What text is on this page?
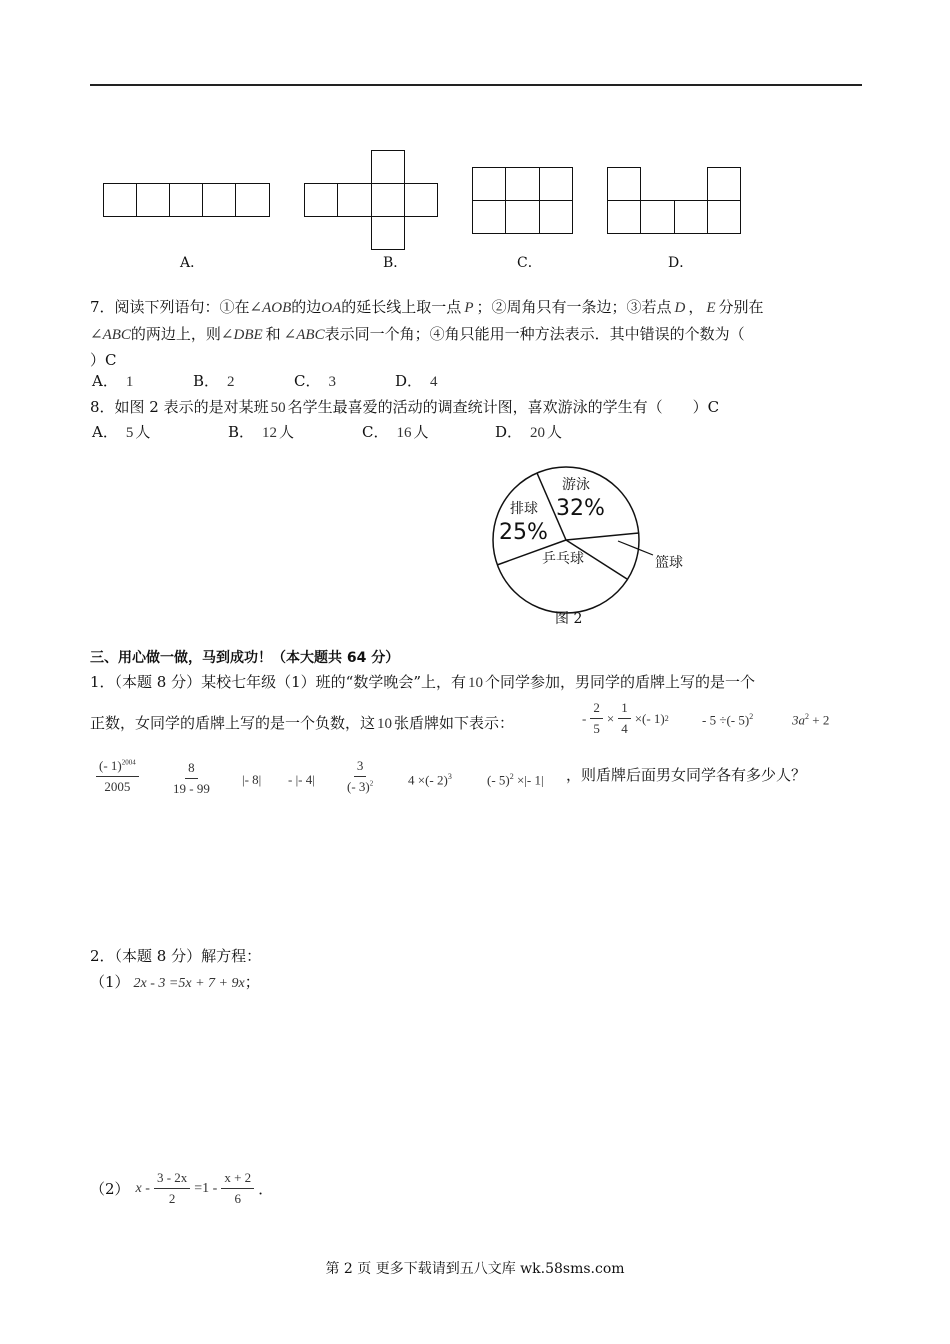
A．	B．	C．	D．
7．阅读下列语句：①在∠AOB的边OA的延长线上取一点 P ；②周角只有一条边；③若点 D ， E 分别在
∠ABC的两边上，则∠DBE 和 ∠ABC表示同一个角；④角只能用一种方法表示．其中错误的个数为（
）C
A． 1	B． 2	C． 3	D． 4
8．如图 2 表示的是对某班 50 名学生最喜爱的活动的调查统计图，喜欢游泳的学生有（　　）C
A． 5 人	B． 12 人	C． 16 人	D． 20 人
游泳
32%
排球
25%
乒乓球	篮球
图 2
三、用心做一做，马到成功！（本大题共 64 分）
1．（本题 8 分）某校七年级（1）班的“数学晚会”上，有 10 个同学参加，男同学的盾牌上写的是一个
正数，女同学的盾牌上写的是一个负数，这 10 张盾牌如下表示：	- $\frac{2}{5} \times \frac{1}{4}$ ×(- 1) 2	- 5 ÷(- 5)$^2$	$3a^2 + 2$
$\frac{(- 1)^{2004}}{2005} \frac{8}{19 - 99}$ |- 8| - |- $4| \frac{3}{(- 3)^2} 4$ ×(- 2)$^3$	(- 5)$^2$ ×|- 1| ，则盾牌后面男女同学各有多少人？
2．（本题 8 分）解方程：
（1） 2x - 3 =5x + 7 + 9x；
（2） $x - \frac{3 - 2x}{2} =1 - \frac{x + 2}{6}$ ．
第 2 页 更多下载请到五八文库 wk.58sms.com
